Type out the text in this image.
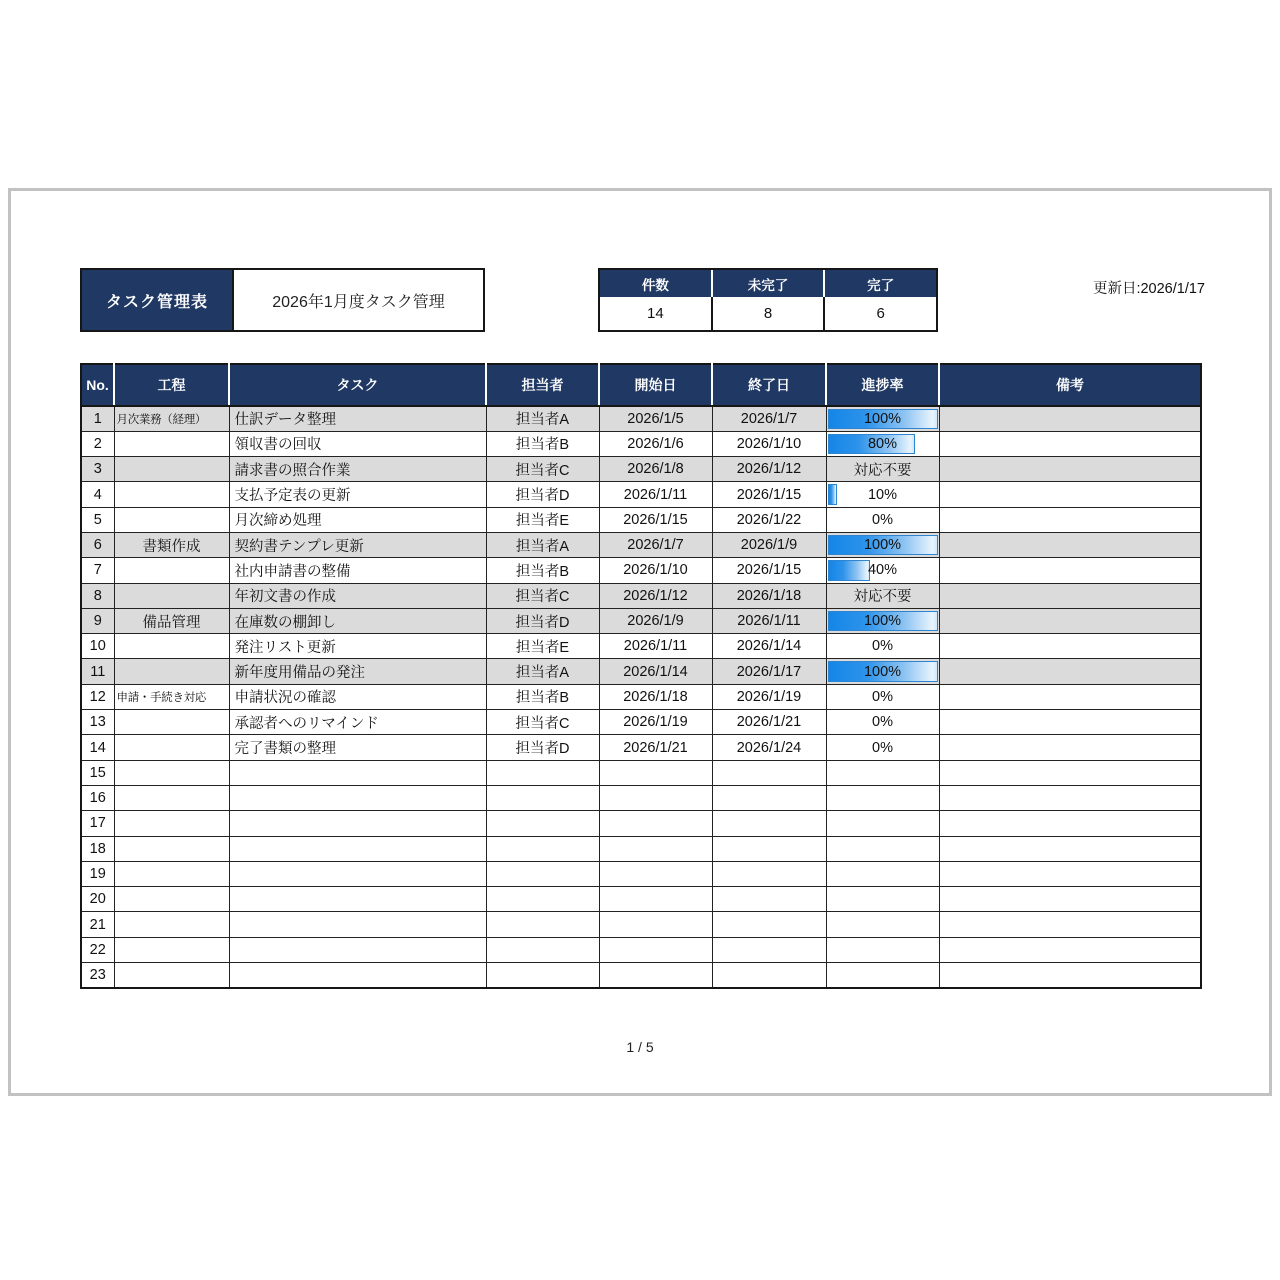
タスク管理表	2026年1月度タスク管理
件数	未完了	完了
14	8	6
更新日:2026/1/17
No.	工程	タスク	担当者	開始日	終了日	進捗率	備考
1	月次業務（経理）	仕訳データ整理	担当者A	2026/1/5	2026/1/7	100%	
2		領収書の回収	担当者B	2026/1/6	2026/1/10	80%	
3		請求書の照合作業	担当者C	2026/1/8	2026/1/12	対応不要	
4		支払予定表の更新	担当者D	2026/1/11	2026/1/15	10%	
5		月次締め処理	担当者E	2026/1/15	2026/1/22	0%	
6	書類作成	契約書テンプレ更新	担当者A	2026/1/7	2026/1/9	100%	
7		社内申請書の整備	担当者B	2026/1/10	2026/1/15	40%	
8		年初文書の作成	担当者C	2026/1/12	2026/1/18	対応不要	
9	備品管理	在庫数の棚卸し	担当者D	2026/1/9	2026/1/11	100%	
10		発注リスト更新	担当者E	2026/1/11	2026/1/14	0%	
11		新年度用備品の発注	担当者A	2026/1/14	2026/1/17	100%	
12	申請・手続き対応	申請状況の確認	担当者B	2026/1/18	2026/1/19	0%	
13		承認者へのリマインド	担当者C	2026/1/19	2026/1/21	0%	
14		完了書類の整理	担当者D	2026/1/21	2026/1/24	0%	
15							
16							
17							
18							
19							
20							
21							
22							
23							
1 / 5
